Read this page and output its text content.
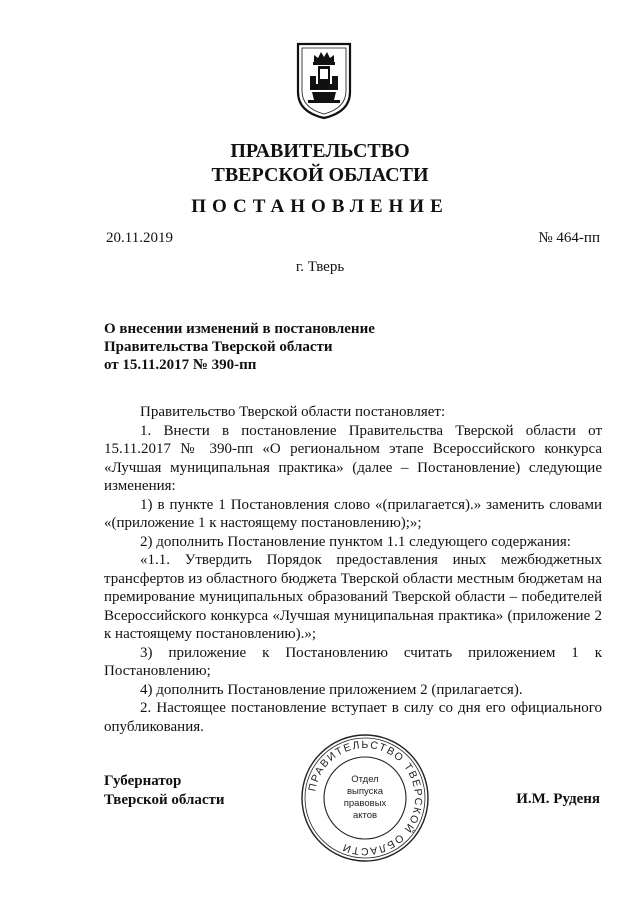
ПРАВИТЕЛЬСТВО
ТВЕРСКОЙ ОБЛАСТИ
ПОСТАНОВЛЕНИЕ
20.11.2019	№ 464-пп
г. Тверь
О внесении изменений в постановление
Правительства Тверской области
от 15.11.2017 № 390-пп

Правительство Тверской области постановляет:

1. Внести в постановление Правительства Тверской области от 15.11.2017 № 390-пп «О региональном этапе Всероссийского конкурса «Лучшая муниципальная практика» (далее – Постановление) следующие изменения:

1) в пункте 1 Постановления слово «(прилагается).» заменить словами «(приложение 1 к настоящему постановлению);»;

2) дополнить Постановление пунктом 1.1 следующего содержания:

«1.1. Утвердить Порядок предоставления иных межбюджетных трансфертов из областного бюджета Тверской области местным бюджетам на премирование муниципальных образований Тверской области – победителей Всероссийского конкурса «Лучшая муниципальная практика» (приложение 2 к настоящему постановлению).»;

3) приложение к Постановлению считать приложением 1 к Постановлению;

4) дополнить Постановление приложением 2 (прилагается).

2. Настоящее постановление вступает в силу со дня его официального опубликования.

Губернатор
Тверской области	И.М. Руденя
ПРАВИТЕЛЬСТВО ТВЕРСКОЙ ОБЛАСТИ
Отдел
выпуска
правовых
актов
